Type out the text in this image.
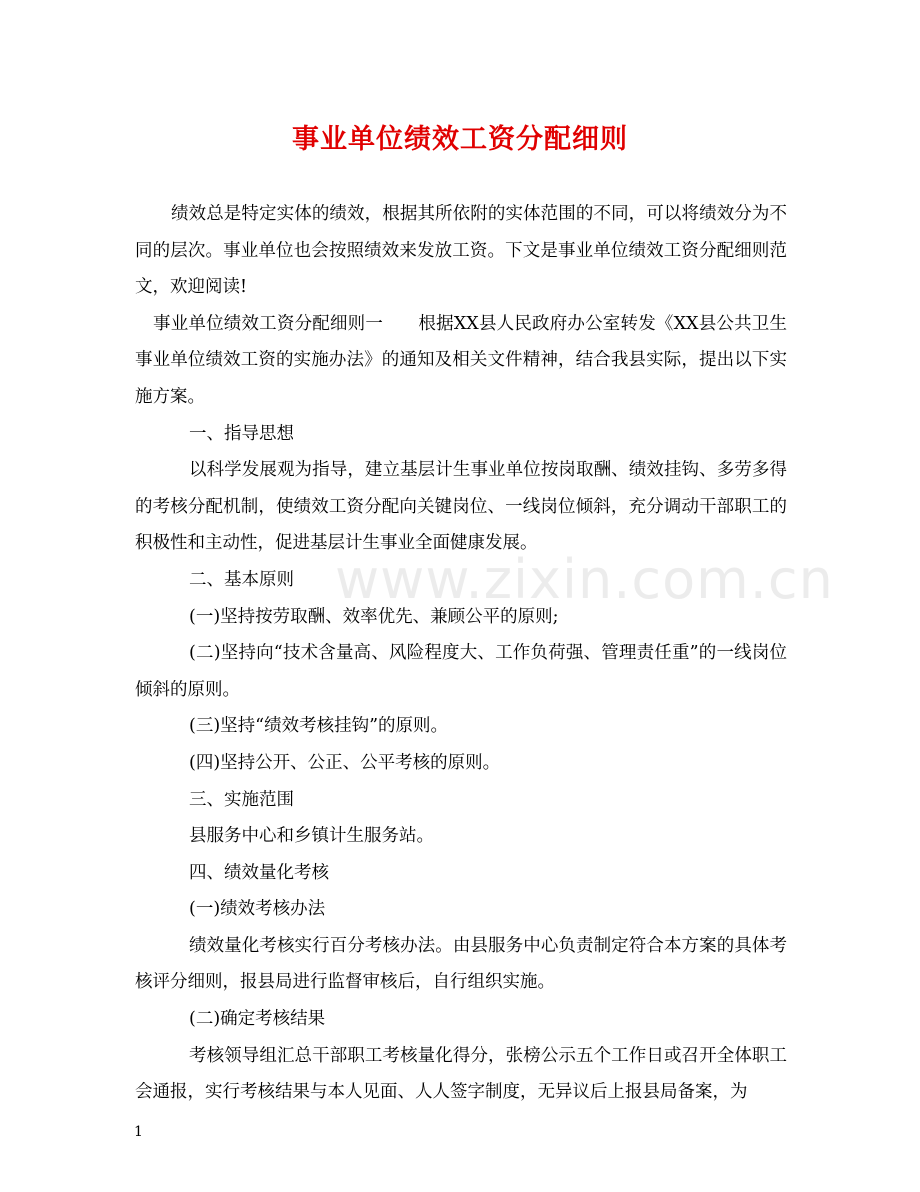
事业单位绩效工资分配细则
www.zixin.com.cn

绩效总是特定实体的绩效，根据其所依附的实体范围的不同，可以将绩效分为不同的层次。事业单位也会按照绩效来发放工资。下文是事业单位绩效工资分配细则范文，欢迎阅读!

事业单位绩效工资分配细则一　　根据XX县人民政府办公室转发《XX县公共卫生事业单位绩效工资的实施办法》的通知及相关文件精神，结合我县实际，提出以下实施方案。

一、指导思想

以科学发展观为指导，建立基层计生事业单位按岗取酬、绩效挂钩、多劳多得的考核分配机制，使绩效工资分配向关键岗位、一线岗位倾斜，充分调动干部职工的积极性和主动性，促进基层计生事业全面健康发展。

二、基本原则

(一)坚持按劳取酬、效率优先、兼顾公平的原则;

(二)坚持向“技术含量高、风险程度大、工作负荷强、管理责任重”的一线岗位倾斜的原则。

(三)坚持“绩效考核挂钩”的原则。

(四)坚持公开、公正、公平考核的原则。

三、实施范围

县服务中心和乡镇计生服务站。

四、绩效量化考核

(一)绩效考核办法

绩效量化考核实行百分考核办法。由县服务中心负责制定符合本方案的具体考核评分细则，报县局进行监督审核后，自行组织实施。

(二)确定考核结果

考核领导组汇总干部职工考核量化得分，张榜公示五个工作日或召开全体职工会通报，实行考核结果与本人见面、人人签字制度，无异议后上报县局备案，为

1
